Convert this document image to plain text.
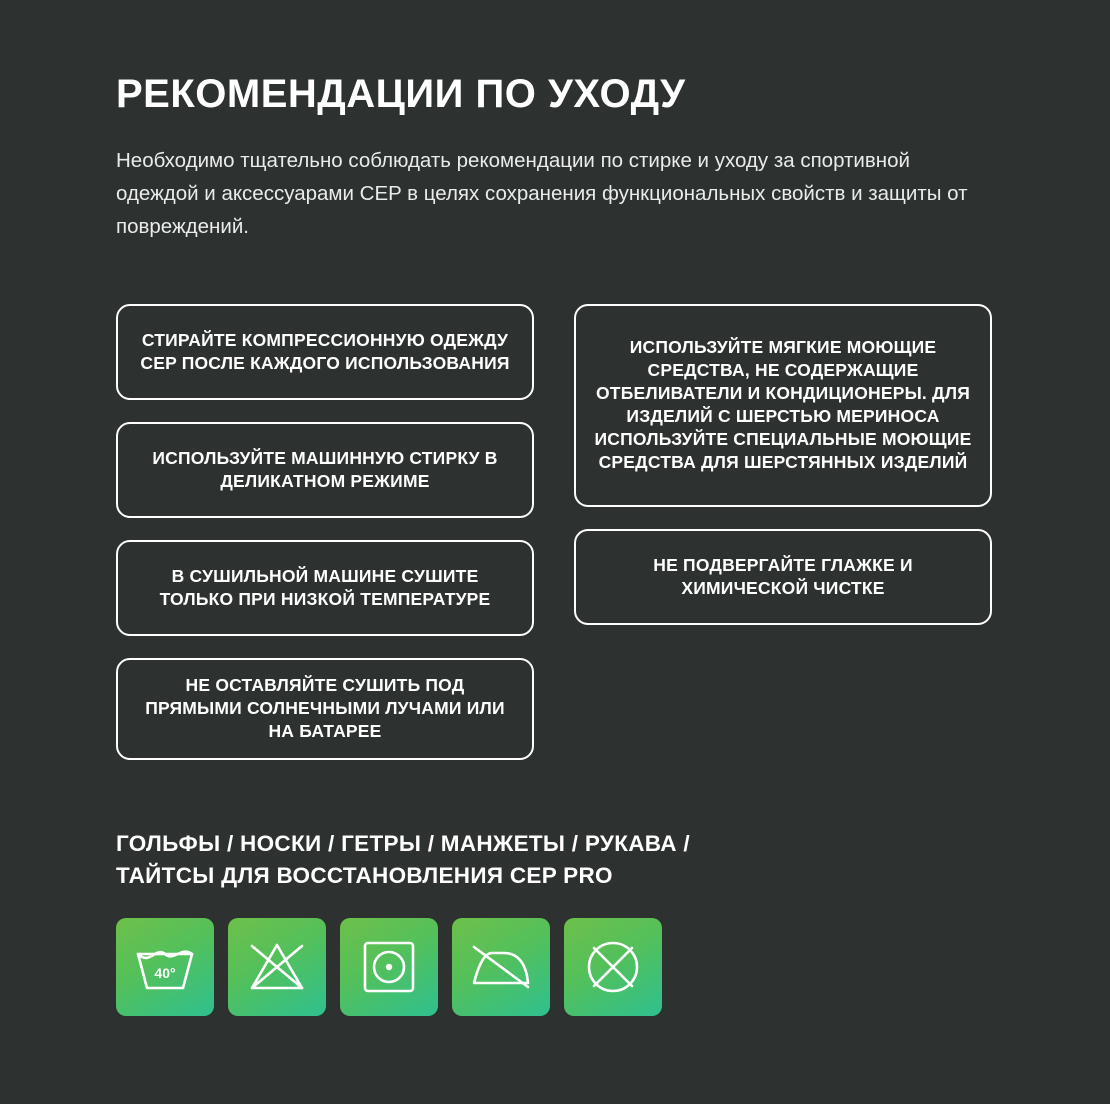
РЕКОМЕНДАЦИИ ПО УХОДУ

Необходимо тщательно соблюдать рекомендации по стирке и уходу за спортивной одеждой и аксессуарами CEP в целях сохранения функциональных свойств и защиты от повреждений.

СТИРАЙТЕ КОМПРЕССИОННУЮ ОДЕЖДУ CEP ПОСЛЕ КАЖДОГО ИСПОЛЬЗОВАНИЯ
ИСПОЛЬЗУЙТЕ МАШИННУЮ СТИРКУ В ДЕЛИКАТНОМ РЕЖИМЕ
В СУШИЛЬНОЙ МАШИНЕ СУШИТЕ ТОЛЬКО ПРИ НИЗКОЙ ТЕМПЕРАТУРЕ
НЕ ОСТАВЛЯЙТЕ СУШИТЬ ПОД ПРЯМЫМИ СОЛНЕЧНЫМИ ЛУЧАМИ ИЛИ НА БАТАРЕЕ
ИСПОЛЬЗУЙТЕ МЯГКИЕ МОЮЩИЕ СРЕДСТВА, НЕ СОДЕРЖАЩИЕ ОТБЕЛИВАТЕЛИ И КОНДИЦИОНЕРЫ. ДЛЯ ИЗДЕЛИЙ С ШЕРСТЬЮ МЕРИНОСА ИСПОЛЬЗУЙТЕ СПЕЦИАЛЬНЫЕ МОЮЩИЕ СРЕДСТВА ДЛЯ ШЕРСТЯННЫХ ИЗДЕЛИЙ
НЕ ПОДВЕРГАЙТЕ ГЛАЖКЕ И ХИМИЧЕСКОЙ ЧИСТКЕ
ГОЛЬФЫ / НОСКИ / ГЕТРЫ / МАНЖЕТЫ / РУКАВА /
ТАЙТСЫ ДЛЯ ВОССТАНОВЛЕНИЯ CEP PRO
40°
